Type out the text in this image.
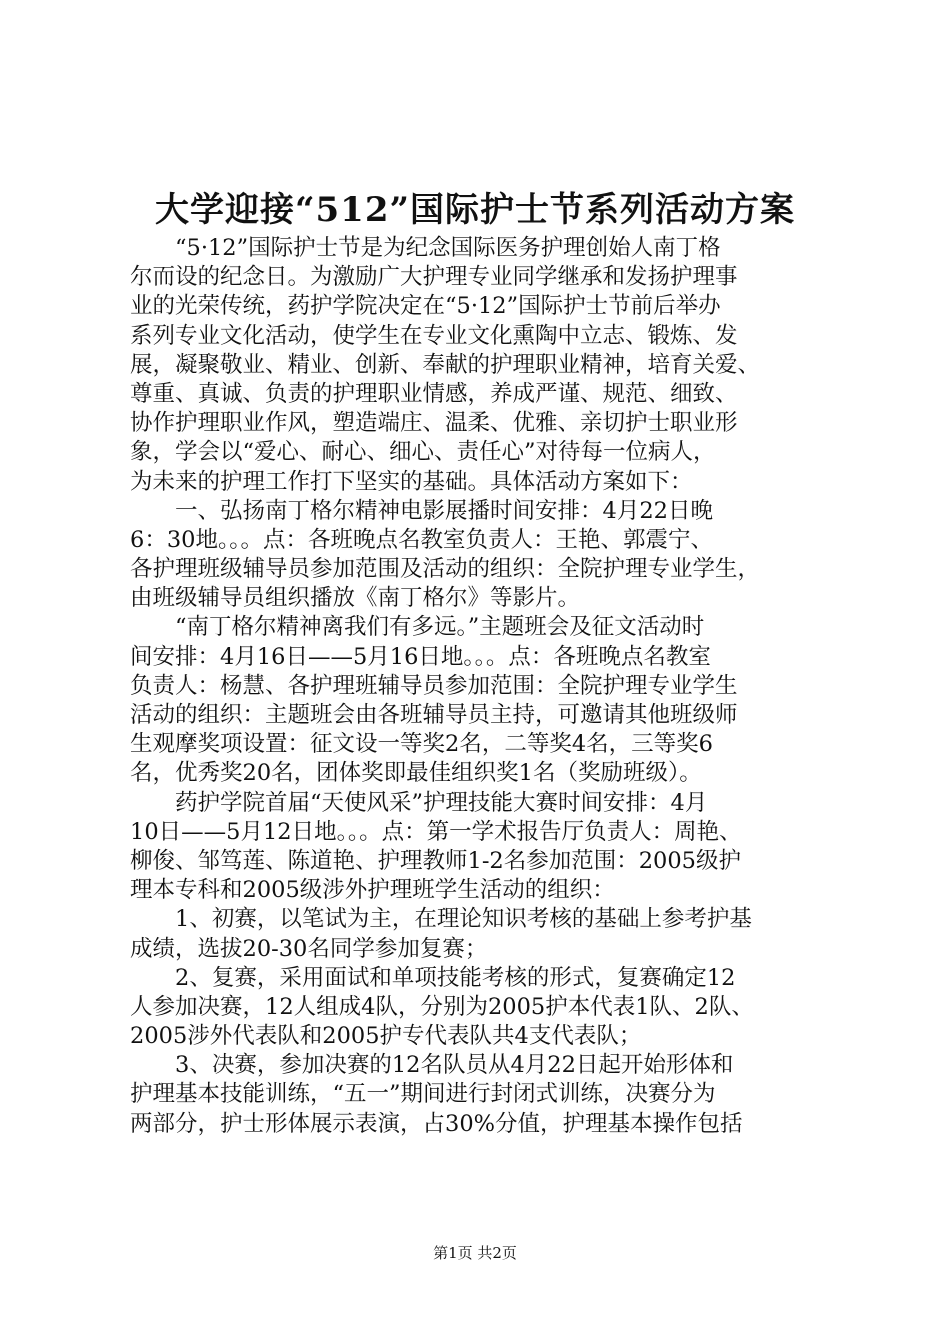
大学迎接“512”国际护士节系列活动方案
　　“5·12”国际护士节是为纪念国际医务护理创始人南丁格
尔而设的纪念日。为激励广大护理专业同学继承和发扬护理事
业的光荣传统，药护学院决定在“5·12”国际护士节前后举办
系列专业文化活动，使学生在专业文化熏陶中立志、锻炼、发
展，凝聚敬业、精业、创新、奉献的护理职业精神，培育关爱、
尊重、真诚、负责的护理职业情感，养成严谨、规范、细致、
协作护理职业作风，塑造端庄、温柔、优雅、亲切护士职业形
象，学会以“爱心、耐心、细心、责任心”对待每一位病人，
为未来的护理工作打下坚实的基础。具体活动方案如下：
　　一、弘扬南丁格尔精神电影展播时间安排：4月22日晚
6：30地。。。点：各班晚点名教室负责人：王艳、郭震宁、
各护理班级辅导员参加范围及活动的组织：全院护理专业学生，
由班级辅导员组织播放《南丁格尔》等影片。
　　“南丁格尔精神离我们有多远。”主题班会及征文活动时
间安排：4月16日——5月16日地。。。点：各班晚点名教室
负责人：杨慧、各护理班辅导员参加范围：全院护理专业学生
活动的组织：主题班会由各班辅导员主持，可邀请其他班级师
生观摩奖项设置：征文设一等奖2名，二等奖4名，三等奖6
名，优秀奖20名，团体奖即最佳组织奖1名（奖励班级）。
　　药护学院首届“天使风采”护理技能大赛时间安排：4月
10日——5月12日地。。。点：第一学术报告厅负责人：周艳、
柳俊、邹笃莲、陈道艳、护理教师1-2名参加范围：2005级护
理本专科和2005级涉外护理班学生活动的组织：
　　1、初赛，以笔试为主，在理论知识考核的基础上参考护基
成绩，选拔20-30名同学参加复赛；
　　2、复赛，采用面试和单项技能考核的形式，复赛确定12
人参加决赛，12人组成4队，分别为2005护本代表1队、2队、
2005涉外代表队和2005护专代表队共4支代表队；
　　3、决赛，参加决赛的12名队员从4月22日起开始形体和
护理基本技能训练，“五一”期间进行封闭式训练，决赛分为
两部分，护士形体展示表演，占30%分值，护理基本操作包括
第1页 共2页
